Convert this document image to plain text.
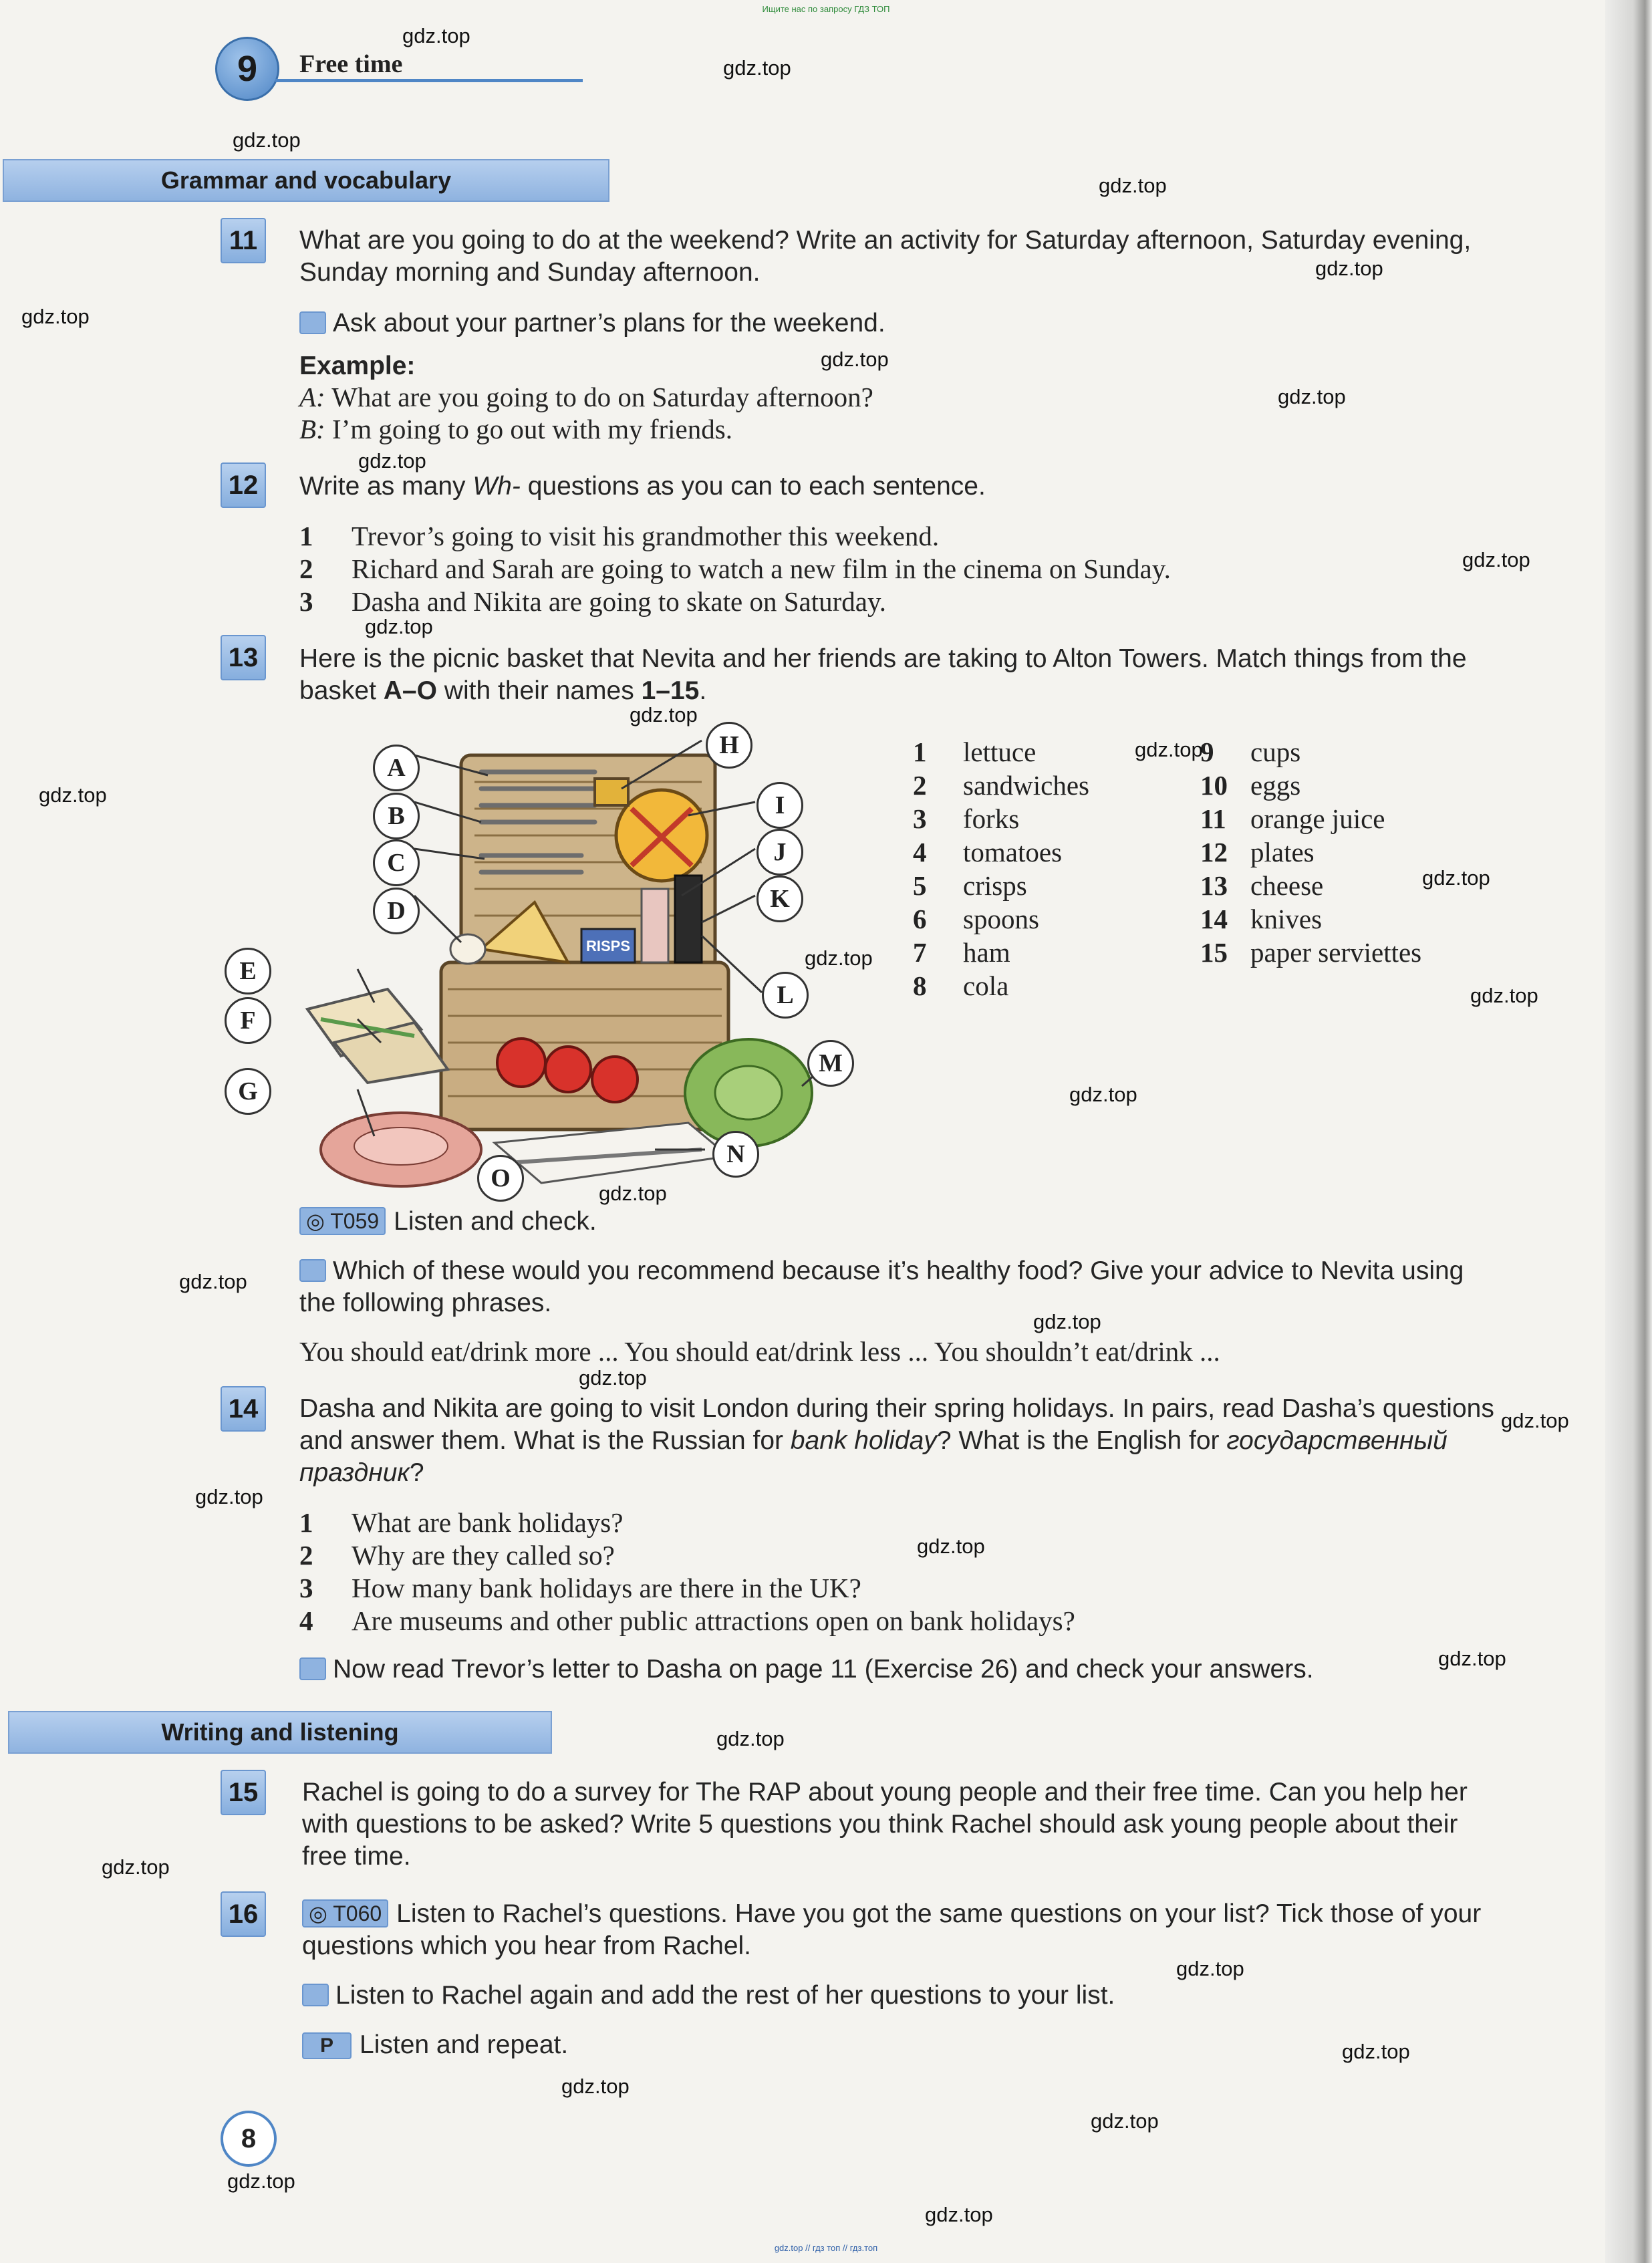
Ищите нас по запросу ГДЗ ТОП
gdz.top // гдз топ // гдз.топ
9	Free time
Grammar and vocabulary
11	What are you going to do at the weekend? Write an activity for Saturday afternoon, Saturday evening, Sunday morning and Sunday afternoon.
Ask about your partner’s plans for the weekend.
Example:
A: What are you going to do on Saturday afternoon?
B: I’m going to go out with my friends.
12	Write as many Wh- questions as you can to each sentence.
1	Trevor’s going to visit his grandmother this weekend.
2	Richard and Sarah are going to watch a new film in the cinema on Sunday.
3	Dasha and Nikita are going to skate on Saturday.
13	Here is the picnic basket that Nevita and her friends are taking to Alton Towers. Match things from the basket A–O with their names 1–15.
RISPS
A
B
C
D
E
F
G
H
I
J
K
L
M
N
O
1	lettuce
2	sandwiches
3	forks
4	tomatoes
5	crisps
6	spoons
7	ham
8	cola
9	cups
10 eggs
11 orange juice
12 plates
13 cheese
14 knives
15 paper serviettes
◎ T059 Listen and check.
Which of these would you recommend because it’s healthy food? Give your advice to Nevita using the following phrases.
You should eat/drink more ... You should eat/drink less ... You shouldn’t eat/drink ...
14	Dasha and Nikita are going to visit London during their spring holidays. In pairs, read Dasha’s questions and answer them. What is the Russian for bank holiday? What is the English for государственный праздник?
1	What are bank holidays?
2	Why are they called so?
3	How many bank holidays are there in the UK?
4	Are museums and other public attractions open on bank holidays?
Now read Trevor’s letter to Dasha on page 11 (Exercise 26) and check your answers.
Writing and listening
15	Rachel is going to do a survey for The RAP about young people and their free time. Can you help her with questions to be asked? Write 5 questions you think Rachel should ask young people about their free time.
16	◎ T060 Listen to Rachel’s questions. Have you got the same questions on your list? Tick those of your questions which you hear from Rachel.
Listen to Rachel again and add the rest of her questions to your list.
P Listen and repeat.
8
gdz.top
gdz.top
gdz.top
gdz.top
gdz.top
gdz.top
gdz.top
gdz.top
gdz.top
gdz.top
gdz.top
gdz.top
gdz.top
gdz.top
gdz.top
gdz.top
gdz.top
gdz.top
gdz.top
gdz.top
gdz.top
gdz.top
gdz.top
gdz.top
gdz.top
gdz.top
gdz.top
gdz.top
gdz.top
gdz.top
gdz.top
gdz.top
gdz.top
gdz.top
